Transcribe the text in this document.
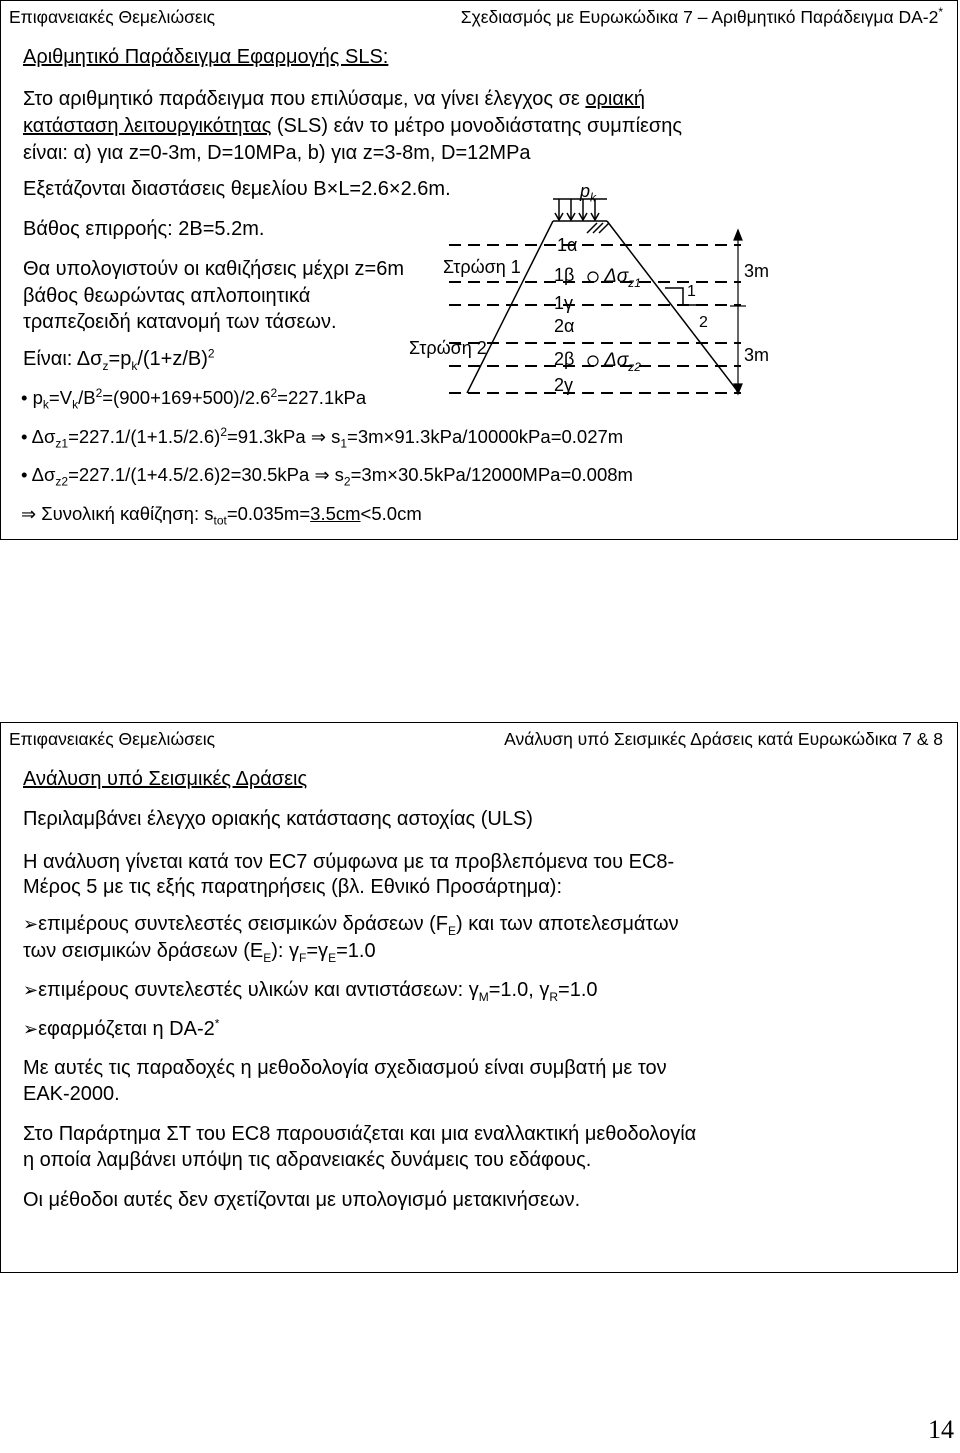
Επιφανειακές Θεμελιώσεις	Σχεδιασμός με Ευρωκώδικα 7 – Αριθμητικό Παράδειγμα DA-2*
Αριθμητικό Παράδειγμα Εφαρμογής SLS:
Στο αριθμητικό παράδειγμα που επιλύσαμε, να γίνει έλεγχος σε οριακή
κατάσταση λειτουργικότητας (SLS) εάν το μέτρο μονοδιάστατης συμπίεσης
είναι: α) για z=0-3m, D=10MPa, b) για z=3-8m, D=12MPa
Εξετάζονται διαστάσεις θεμελίου B×L=2.6×2.6m.
Βάθος επιρροής: 2B=5.2m.
Θα υπολογιστούν οι καθιζήσεις μέχρι z=6m
βάθος θεωρώντας απλοποιητικά
τραπεζοειδή κατανομή των τάσεων.
Είναι: $\Delta\sigma_z=p_k/(1+z/B)^2$
• $p_k=V_k/B^2=(900+169+500)/2.6^2=227.1kPa$
• $\Delta\sigma_{z1}=227.1/(1+1.5/2.6)^2=91.3kPa$ ⇒ $s_1=3m\times 91.3kPa/10000kPa=0.027m$
• $\Delta\sigma_{z2}=227.1/(1+4.5/2.6)2=30.5kPa$ ⇒ $s_2=3m\times 30.5kPa/12000MPa=0.008m$
⇒ Συνολική καθίζηση: $s_{tot}=0.035m=3.5cm<5.0cm$
$p_k$
Στρώση 1
Στρώση 2
1α
1β $\Delta\sigma_{z1}$
1γ
2α
2β $\Delta\sigma_{z2}$
2γ
3m
3m
1
2
Επιφανειακές Θεμελιώσεις	Ανάλυση υπό Σεισμικές Δράσεις κατά Ευρωκώδικα 7 & 8
Ανάλυση υπό Σεισμικές Δράσεις
Περιλαμβάνει έλεγχο οριακής κατάστασης αστοχίας (ULS)
Η ανάλυση γίνεται κατά τον EC7 σύμφωνα με τα προβλεπόμενα του EC8-
Μέρος 5 με τις εξής παρατηρήσεις (βλ. Εθνικό Προσάρτημα):
➢επιμέρους συντελεστές σεισμικών δράσεων $(F_E)$ και των αποτελεσμάτων
των σεισμικών δράσεων $(E_E)$: $\gamma_F=\gamma_E=1.0$
➢επιμέρους συντελεστές υλικών και αντιστάσεων: $\gamma_M=1.0$, $\gamma_R=1.0$
➢εφαρμόζεται η DA-2*
Με αυτές τις παραδοχές η μεθοδολογία σχεδιασμού είναι συμβατή με τον
ΕΑΚ-2000.
Στο Παράρτημα ΣΤ του EC8 παρουσιάζεται και μια εναλλακτική μεθοδολογία
η οποία λαμβάνει υπόψη τις αδρανειακές δυνάμεις του εδάφους.
Οι μέθοδοι αυτές δεν σχετίζονται με υπολογισμό μετακινήσεων.
14
